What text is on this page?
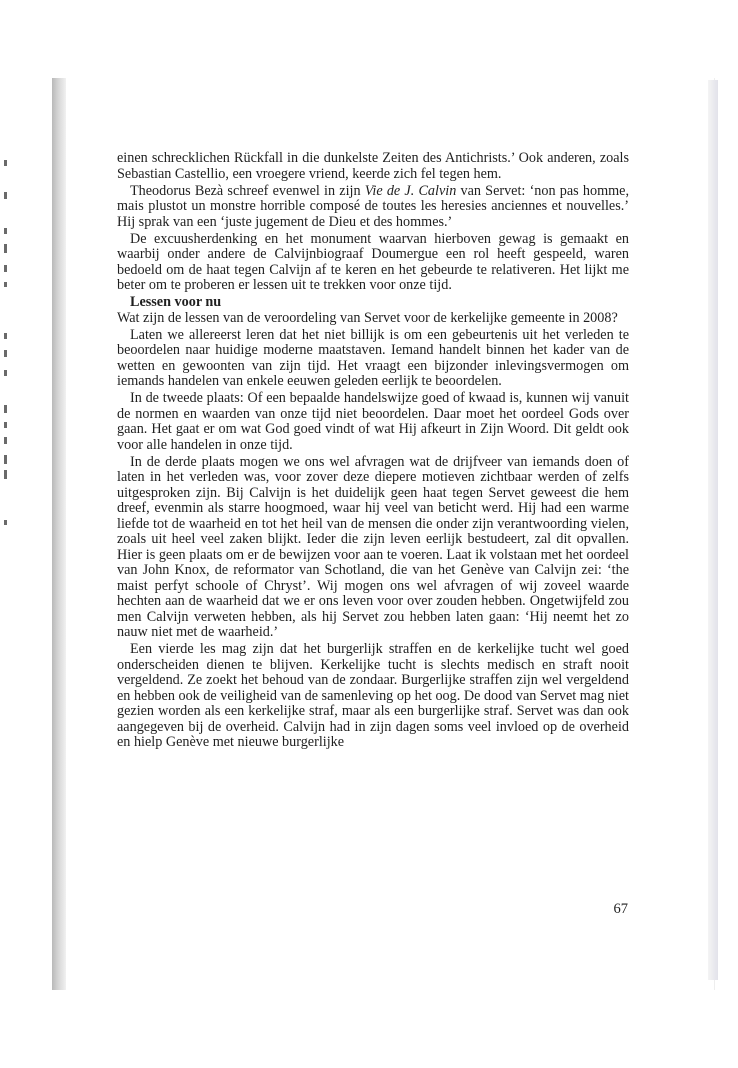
einen schrecklichen Rückfall in die dunkelste Zeiten des Antichrists.’ Ook anderen, zoals Sebastian Castellio, een vroegere vriend, keerde zich fel tegen hem.

Theodorus Bezà schreef evenwel in zijn Vie de J. Calvin van Servet: ‘non pas homme, mais plustot un monstre horrible composé de toutes les heresies anciennes et nouvelles.’ Hij sprak van een ‘juste jugement de Dieu et des hommes.’

De excuusherdenking en het monument waarvan hierboven gewag is gemaakt en waarbij onder andere de Calvijnbiograaf Doumergue een rol heeft gespeeld, waren bedoeld om de haat tegen Calvijn af te keren en het gebeurde te relativeren. Het lijkt me beter om te proberen er lessen uit te trekken voor onze tijd.

Lessen voor nu

Wat zijn de lessen van de veroordeling van Servet voor de kerkelijke gemeente in 2008?

Laten we allereerst leren dat het niet billijk is om een gebeurtenis uit het verleden te beoordelen naar huidige moderne maatstaven. Iemand handelt binnen het kader van de wetten en gewoonten van zijn tijd. Het vraagt een bijzonder inlevingsvermogen om iemands handelen van enkele eeuwen geleden eerlijk te beoordelen.

In de tweede plaats: Of een bepaalde handelswijze goed of kwaad is, kunnen wij vanuit de normen en waarden van onze tijd niet beoordelen. Daar moet het oordeel Gods over gaan. Het gaat er om wat God goed vindt of wat Hij afkeurt in Zijn Woord. Dit geldt ook voor alle handelen in onze tijd.

In de derde plaats mogen we ons wel afvragen wat de drijfveer van iemands doen of laten in het verleden was, voor zover deze diepere motieven zichtbaar werden of zelfs uitgesproken zijn. Bij Calvijn is het duidelijk geen haat tegen Servet geweest die hem dreef, evenmin als starre hoogmoed, waar hij veel van beticht werd. Hij had een warme liefde tot de waarheid en tot het heil van de mensen die onder zijn verantwoording vielen, zoals uit heel veel zaken blijkt. Ieder die zijn leven eerlijk bestudeert, zal dit opvallen. Hier is geen plaats om er de bewijzen voor aan te voeren. Laat ik volstaan met het oordeel van John Knox, de reformator van Schotland, die van het Genève van Calvijn zei: ‘the maist perfyt schoole of Chryst’. Wij mogen ons wel afvragen of wij zoveel waarde hechten aan de waarheid dat we er ons leven voor over zouden hebben. Ongetwijfeld zou men Calvijn verweten hebben, als hij Servet zou hebben laten gaan: ‘Hij neemt het zo nauw niet met de waarheid.’

Een vierde les mag zijn dat het burgerlijk straffen en de kerkelijke tucht wel goed onderscheiden dienen te blijven. Kerkelijke tucht is slechts medisch en straft nooit vergeldend. Ze zoekt het behoud van de zondaar. Burgerlijke straffen zijn wel vergeldend en hebben ook de veiligheid van de samenleving op het oog. De dood van Servet mag niet gezien worden als een kerkelijke straf, maar als een burgerlijke straf. Servet was dan ook aangegeven bij de overheid. Calvijn had in zijn dagen soms veel invloed op de overheid en hielp Genève met nieuwe burgerlijke

67
